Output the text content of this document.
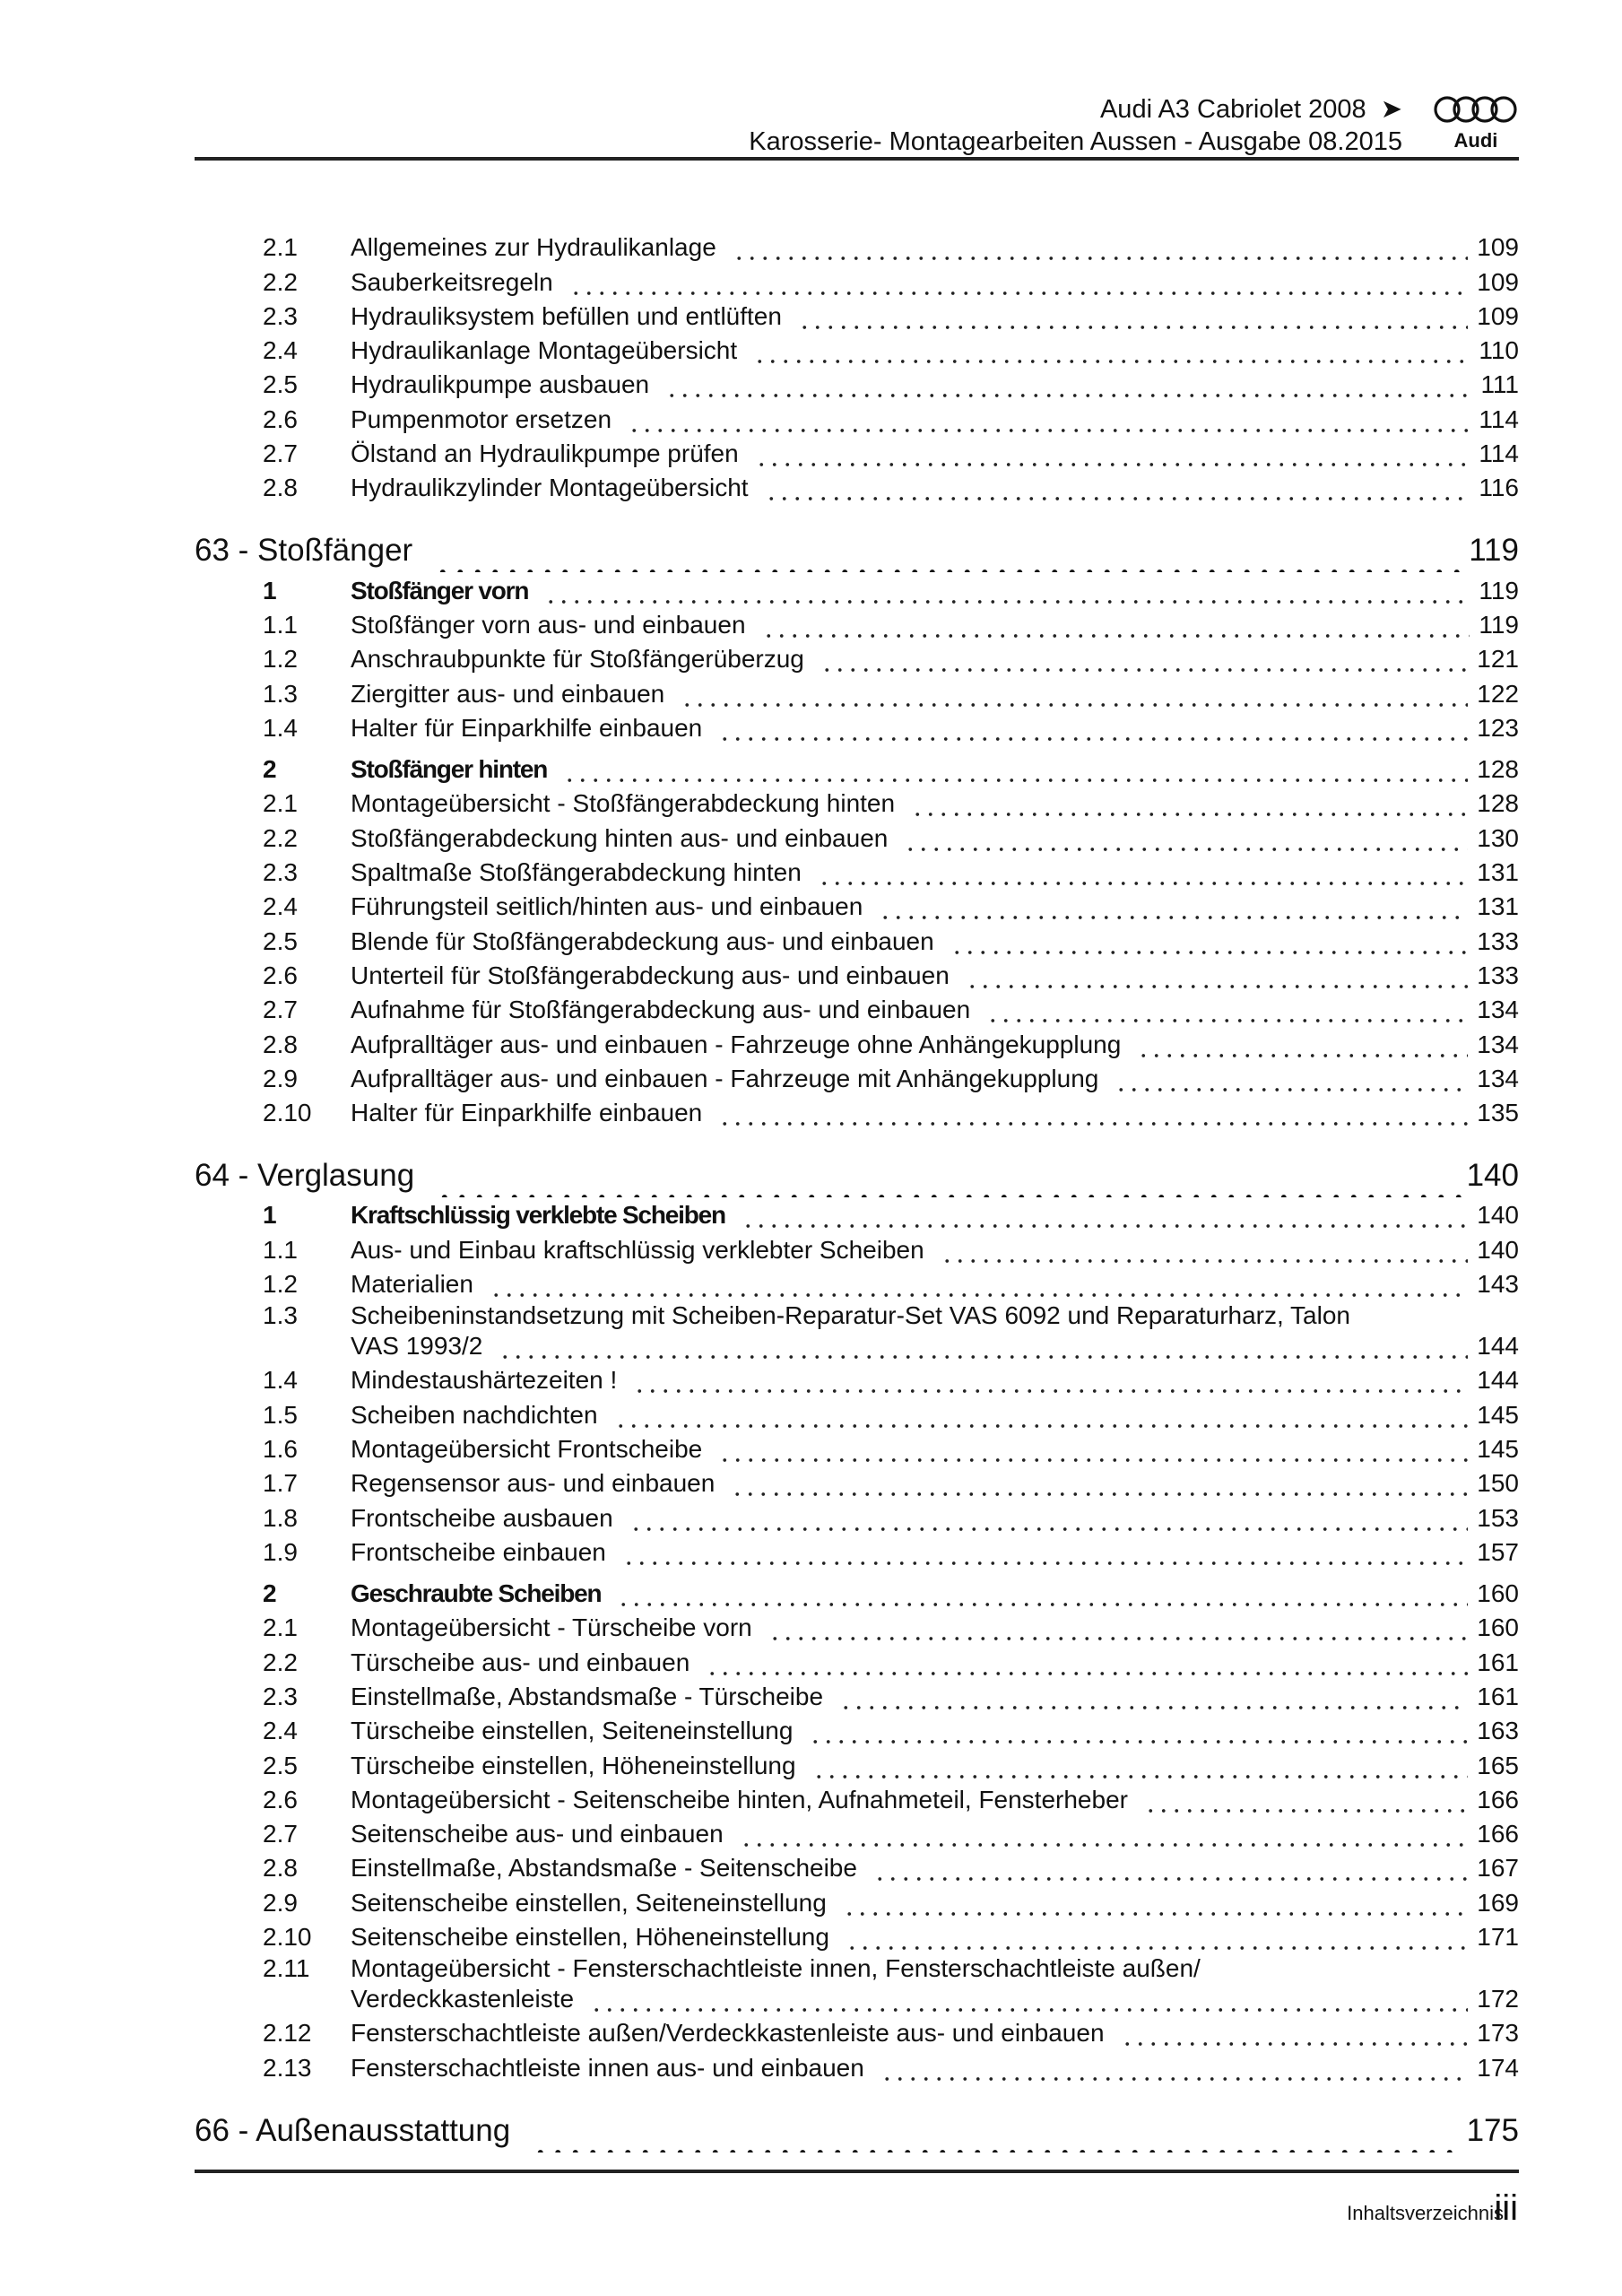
Audi A3 Cabriolet 2008 ➤
Karosserie- Montagearbeiten Aussen - Ausgabe 08.2015	Audi
2.1 Allgemeines zur Hydraulikanlage	109
2.2 Sauberkeitsregeln	109
2.3 Hydrauliksystem befüllen und entlüften	109
2.4 Hydraulikanlage Montageübersicht	110
2.5 Hydraulikpumpe ausbauen	111
2.6 Pumpenmotor ersetzen	114
2.7 Ölstand an Hydraulikpumpe prüfen	114
2.8 Hydraulikzylinder Montageübersicht	116
63 - Stoßfänger	119
1	Stoßfänger vorn	119
1.1 Stoßfänger vorn aus- und einbauen	119
1.2 Anschraubpunkte für Stoßfängerüberzug	121
1.3 Ziergitter aus- und einbauen	122
1.4 Halter für Einparkhilfe einbauen	123
2	Stoßfänger hinten	128
2.1 Montageübersicht - Stoßfängerabdeckung hinten	128
2.2 Stoßfängerabdeckung hinten aus- und einbauen	130
2.3 Spaltmaße Stoßfängerabdeckung hinten	131
2.4 Führungsteil seitlich/hinten aus- und einbauen	131
2.5 Blende für Stoßfängerabdeckung aus- und einbauen	133
2.6 Unterteil für Stoßfängerabdeckung aus- und einbauen	133
2.7 Aufnahme für Stoßfängerabdeckung aus- und einbauen	134
2.8 Aufpralltäger aus- und einbauen - Fahrzeuge ohne Anhängekupplung	134
2.9 Aufpralltäger aus- und einbauen - Fahrzeuge mit Anhängekupplung	134
2.10 Halter für Einparkhilfe einbauen	135
64 - Verglasung	140
1	Kraftschlüssig verklebte Scheiben	140
1.1 Aus- und Einbau kraftschlüssig verklebter Scheiben	140
1.2 Materialien	143
1.3 Scheibeninstandsetzung mit Scheiben-Reparatur-Set VAS 6092 und Reparaturharz, Talon
VAS 1993/2	144
1.4 Mindestaushärtezeiten !	144
1.5 Scheiben nachdichten	145
1.6 Montageübersicht Frontscheibe	145
1.7 Regensensor aus- und einbauen	150
1.8 Frontscheibe ausbauen	153
1.9 Frontscheibe einbauen	157
2	Geschraubte Scheiben	160
2.1 Montageübersicht - Türscheibe vorn	160
2.2 Türscheibe aus- und einbauen	161
2.3 Einstellmaße, Abstandsmaße - Türscheibe	161
2.4 Türscheibe einstellen, Seiteneinstellung	163
2.5 Türscheibe einstellen, Höheneinstellung	165
2.6 Montageübersicht - Seitenscheibe hinten, Aufnahmeteil, Fensterheber	166
2.7 Seitenscheibe aus- und einbauen	166
2.8 Einstellmaße, Abstandsmaße - Seitenscheibe	167
2.9 Seitenscheibe einstellen, Seiteneinstellung	169
2.10 Seitenscheibe einstellen, Höheneinstellung	171
2.11 Montageübersicht - Fensterschachtleiste innen, Fensterschachtleiste außen/
Verdeckkastenleiste	172
2.12 Fensterschachtleiste außen/Verdeckkastenleiste aus- und einbauen	173
2.13 Fensterschachtleiste innen aus- und einbauen	174
66 - Außenausstattung	175
Inhaltsverzeichnis
iii
